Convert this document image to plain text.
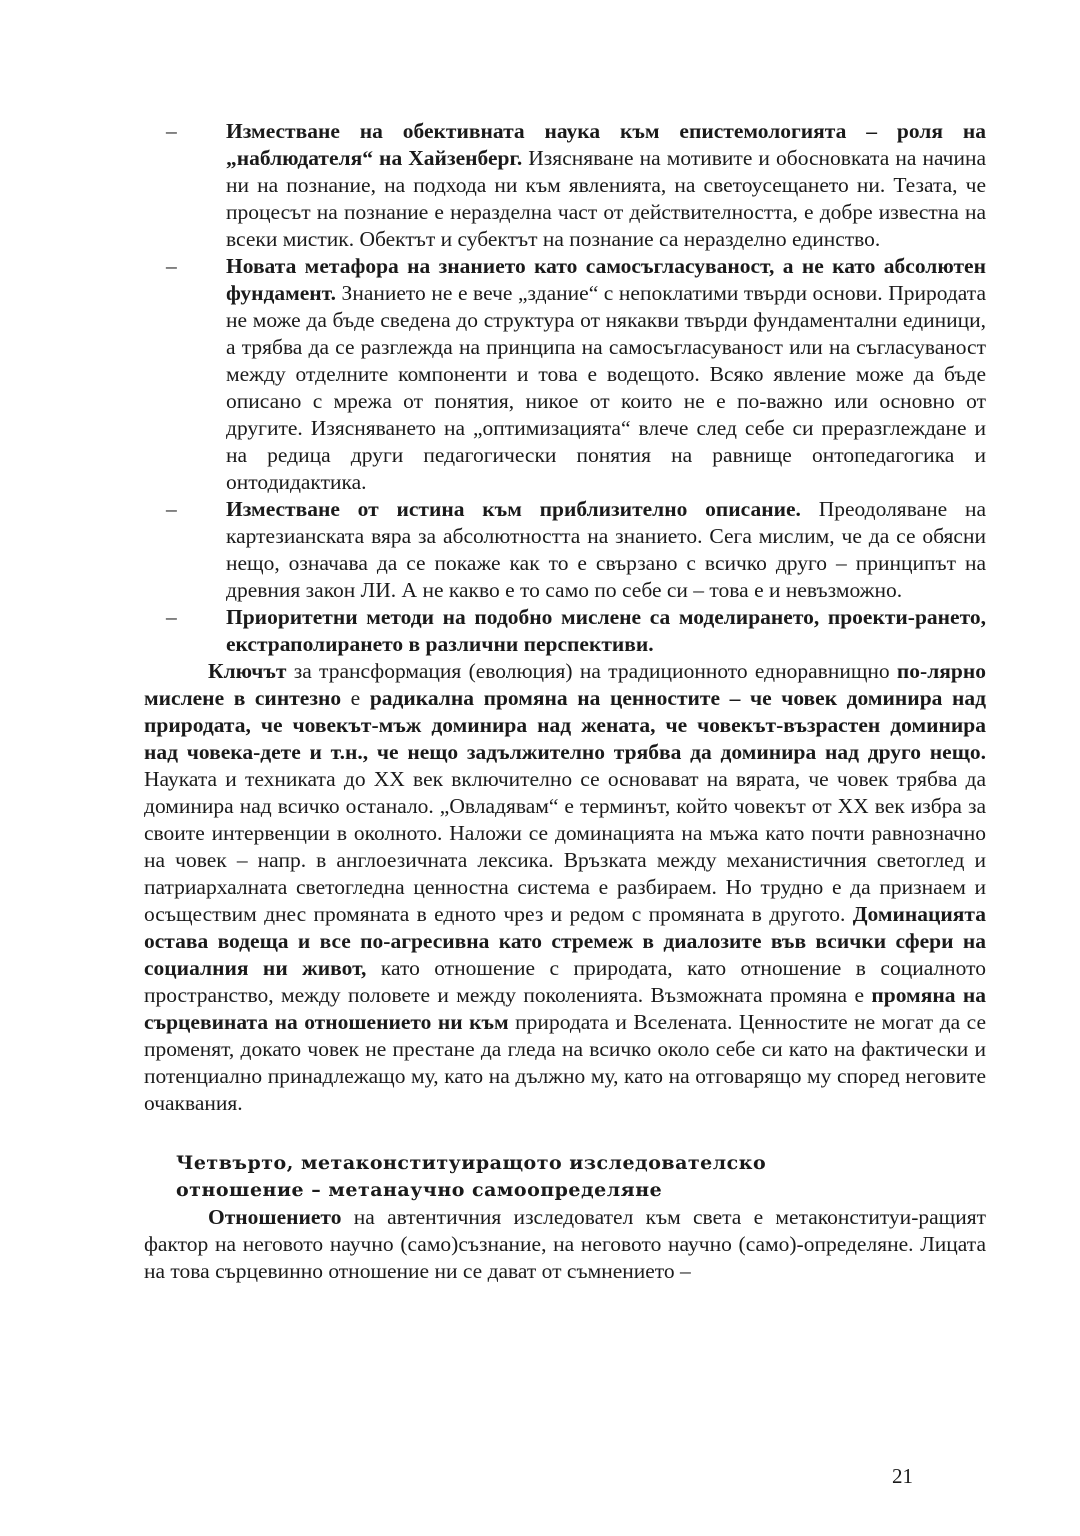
– Изместване на обективната наука към епистемологията – роля на „наблюдателя“ на Хайзенберг. Изясняване на мотивите и обосновката на начина ни на познание, на подхода ни към явленията, на светоусещането ни. Тезата, че процесът на познание е неразделна част от действителността, е добре известна на всеки мистик. Обектът и субектът на познание са неразделно единство.
– Новата метафора на знанието като самосъгласуваност, а не като абсолютен фундамент. Знанието не е вече „здание“ с непоклатими твърди основи. Природата не може да бъде сведена до структура от някакви твърди фундаментални единици, а трябва да се разглежда на принципа на самосъгласуваност или на съгласуваност между отделните компоненти и това е водещото. Всяко явление може да бъде описано с мрежа от понятия, никое от които не е по-важно или основно от другите. Изясняването на „оптимизацията“ влече след себе си преразглеждане и на редица други педагогически понятия на равнище онтопедагогика и онтодидактика.
– Изместване от истина към приблизително описание. Преодоляване на картезианската вяра за абсолютността на знанието. Сега мислим, че да се обясни нещо, означава да се покаже как то е свързано с всичко друго – принципът на древния закон ЛИ. А не какво е то само по себе си – това е и невъзможно.
– Приоритетни методи на подобно мислене са моделирането, проекти-рането, екстраполирането в различни перспективи.

Ключът за трансформация (еволюция) на традиционното едноравнищно по-лярно мислене в синтезно е радикална промяна на ценностите – че човек доминира над природата, че човекът-мъж доминира над жената, че човекът-възрастен доминира над човека-дете и т.н., че нещо задължително трябва да доминира над друго нещо. Науката и техниката до XX век включително се основават на вярата, че човек трябва да доминира над всичко останало. „Овладявам“ е терминът, който човекът от XX век избра за своите интервенции в околното. Наложи се доминацията на мъжа като почти равнозначно на човек – напр. в англоезичната лексика. Връзката между механистичния светоглед и патриархалната светогледна ценностна система е разбираем. Но трудно е да признаем и осъществим днес промяната в едното чрез и редом с промяната в другото. Доминацията остава водеща и все по-агресивна като стремеж в диалозите във всички сфери на социалния ни живот, като отношение с природата, като отношение в социалното пространство, между половете и между поколенията. Възможната промяна е промяна на сърцевината на отношението ни към природата и Вселената. Ценностите не могат да се променят, докато човек не престане да гледа на всичко около себе си като на фактически и потенциално принадлежащо му, като на дължно му, като на отговарящо му според неговите очаквания.

Четвърто, метаконституиращото изследователско
отношение – метанаучно самоопределяне

Отношението на автентичния изследовател към света е метаконституи-ращият фактор на неговото научно (само)съзнание, на неговото научно (само)-определяне. Лицата на това сърцевинно отношение ни се дават от съмнението –

21
